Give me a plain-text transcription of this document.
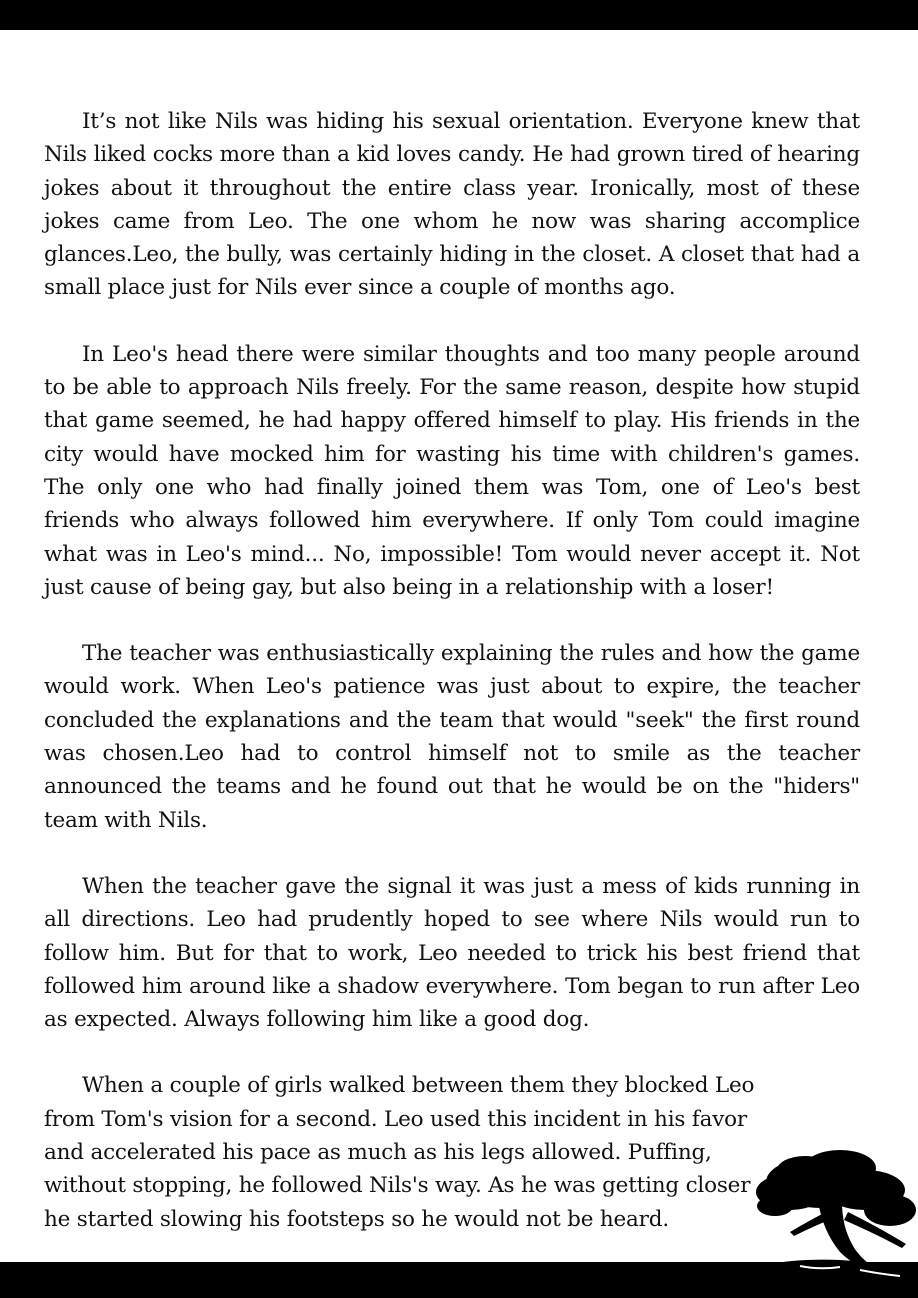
It’s not like Nils was hiding his sexual orientation. Everyone knew that Nils liked cocks more than a kid loves candy. He had grown tired of hearing jokes about it throughout the entire class year. Ironically, most of these jokes came from Leo. The one whom he now was sharing accomplice glances.Leo, the bully, was certainly hiding in the closet. A closet that had a small place just for Nils ever since a couple of months ago.

In Leo's head there were similar thoughts and too many people around to be able to approach Nils freely. For the same reason, despite how stupid that game seemed, he had happy offered himself to play. His friends in the city would have mocked him for wasting his time with children's games. The only one who had finally joined them was Tom, one of Leo's best friends who always followed him everywhere. If only Tom could imagine what was in Leo's mind... No, impossible! Tom would never accept it. Not just cause of being gay, but also being in a relationship with a loser!

The teacher was enthusiastically explaining the rules and how the game would work. When Leo's patience was just about to expire, the teacher concluded the explanations and the team that would "seek" the first round was chosen.Leo had to control himself not to smile as the teacher announced the teams and he found out that he would be on the "hiders" team with Nils.

When the teacher gave the signal it was just a mess of kids running in all directions. Leo had prudently hoped to see where Nils would run to follow him. But for that to work, Leo needed to trick his best friend that followed him around like a shadow everywhere. Tom began to run after Leo as expected. Always following him like a good dog.

When a couple of girls walked between them they blocked Leo from Tom's vision for a second. Leo used this incident in his favor and accelerated his pace as much as his legs allowed. Puffing, without stopping, he followed Nils's way. As he was getting closer he started slowing his footsteps so he would not be heard.
